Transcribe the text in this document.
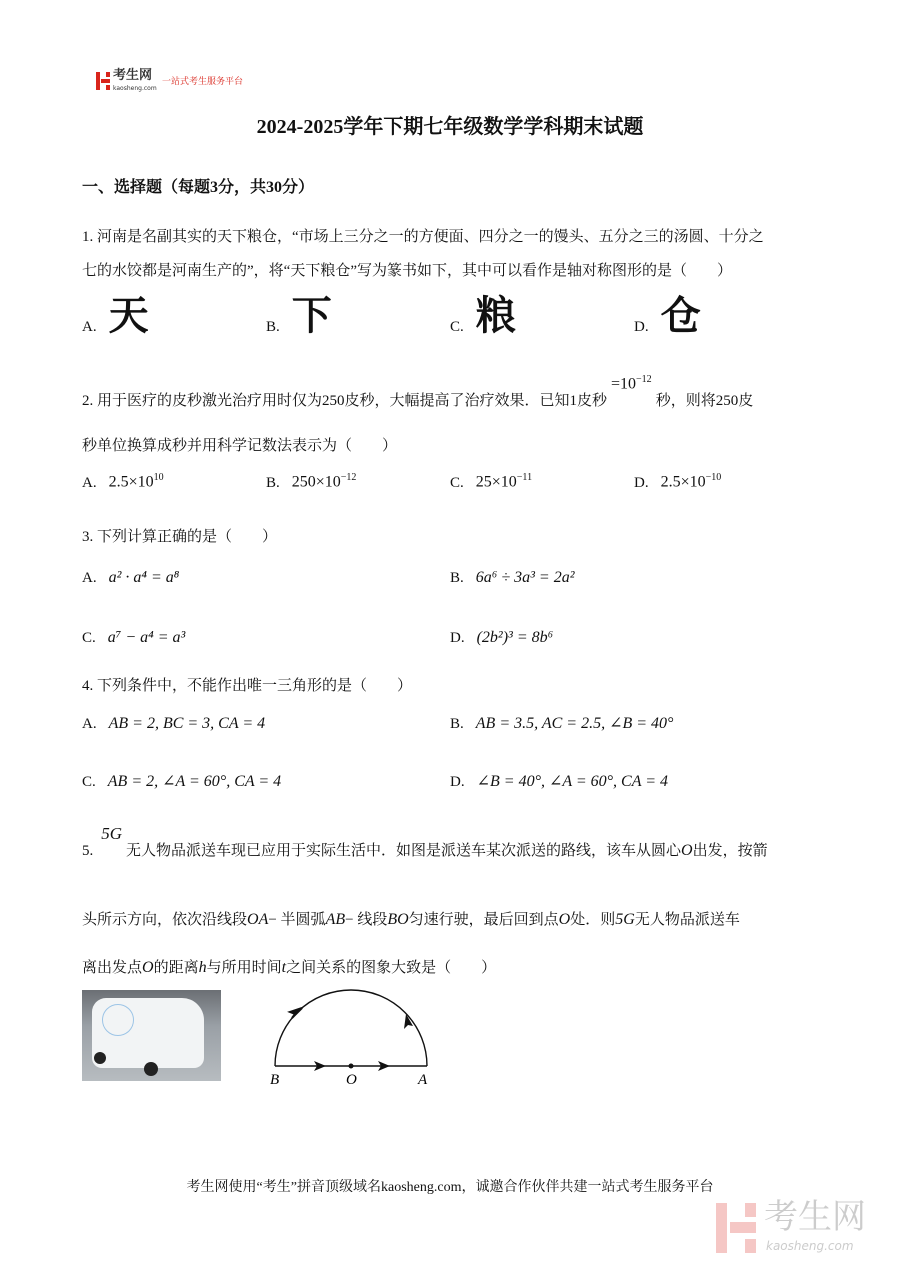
考生网
kaosheng.com
一站式考生服务平台
2024-2025学年下期七年级数学学科期末试题
一、选择题（每题3分，共30分）
1. 河南是名副其实的天下粮仓，“市场上三分之一的方便面、四分之一的馒头、五分之三的汤圆、十分之
七的水饺都是河南生产的”，将“天下粮仓”写为篆书如下，其中可以看作是轴对称图形的是（　　）
A. 天	B. 下	C. 粮	D. 仓
2. 用于医疗的皮秒激光治疗用时仅为250皮秒，大幅提高了治疗效果．已知1皮秒
$=10^{-12}$
秒，则将250皮
秒单位换算成秒并用科学记数法表示为（　　）
A. $2.5\times 10^{10}$	B. $250\times 10^{-12}$	C. $25\times 10^{-11}$	D. $2.5\times 10^{-10}$
3. 下列计算正确的是（　　）
A. a² · a⁴ = a⁸	B. 6a⁶ ÷ 3a³ = 2a²
C. a⁷ − a⁴ = a³	D. (2b²)³ = 8b⁶
4. 下列条件中，不能作出唯一三角形的是（　　）
A. AB = 2, BC = 3, CA = 4	B. AB = 3.5, AC = 2.5, ∠B = 40°
C. AB = 2, ∠A = 60°, CA = 4	D. ∠B = 40°, ∠A = 60°, CA = 4
5.
5G
无人物品派送车现已应用于实际生活中．如图是派送车某次派送的路线，该车从圆心 O 出发，按箭
头所示方向，依次沿线段OA− 半圆弧AB− 线段BO匀速行驶，最后回到点O处．则5G无人物品派送车
离出发点O的距离h与所用时间t之间关系的图象大致是（　　）
B	O	A
考生网使用“考生”拼音顶级域名kaosheng.com，诚邀合作伙伴共建一站式考生服务平台
考生网
kaosheng.com
